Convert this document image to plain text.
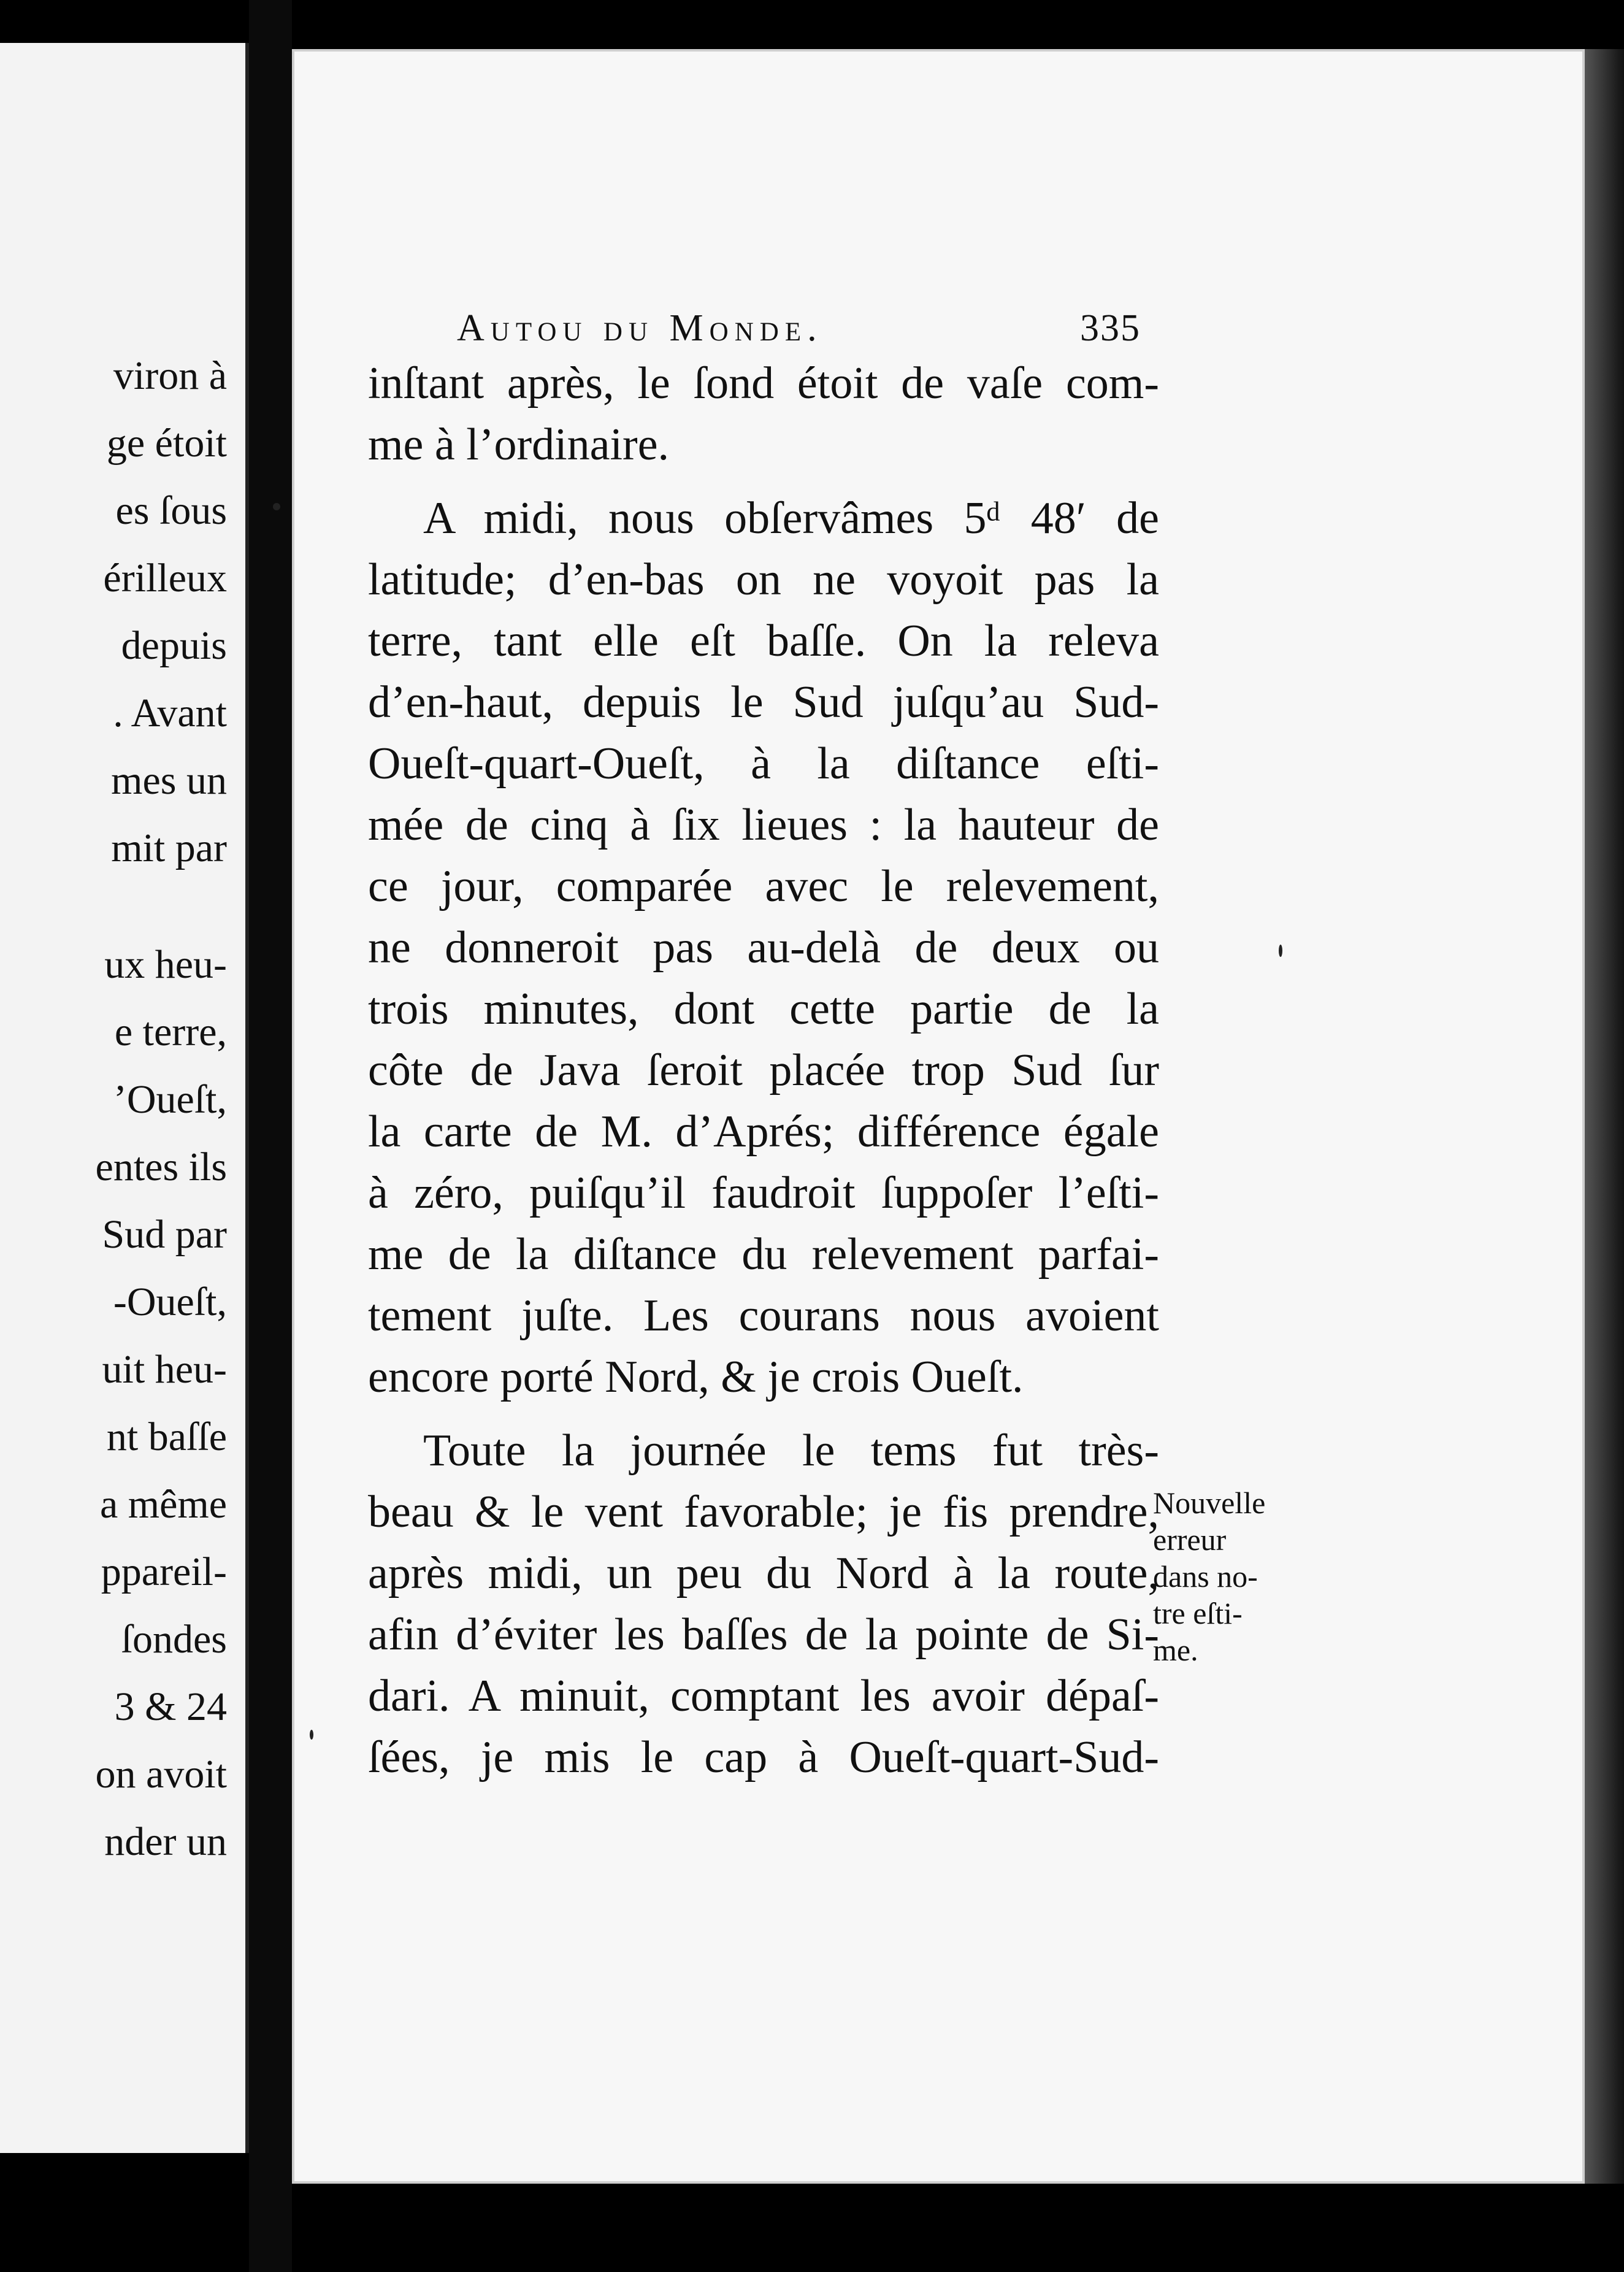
viron à
ge étoit
es ſous
érilleux
depuis
. Avant
mes un
mit par
ux heu-
e terre,
’Oueſt,
entes ils
Sud par
-Oueſt,
uit heu-
nt baſſe
a même
ppareil-
ſondes
3 & 24
on avoit
nder un
Autou du Monde.	335
inſtant après, le ſond étoit de vaſe com-
me à l’ordinaire.
A midi, nous obſervâmes 5ᵈ 48′ de
latitude; d’en-bas on ne voyoit pas la
terre, tant elle eſt baſſe. On la releva
d’en-haut, depuis le Sud juſqu’au Sud-
Oueſt-quart-Oueſt, à la diſtance eſti-
mée de cinq à ſix lieues : la hauteur de
ce jour, comparée avec le relevement,
ne donneroit pas au-delà de deux ou
trois minutes, dont cette partie de la
côte de Java ſeroit placée trop Sud ſur
la carte de M. d’Aprés; différence égale
à zéro, puiſqu’il faudroit ſuppoſer l’eſti-
me de la diſtance du relevement parfai-
tement juſte. Les courans nous avoient
encore porté Nord, & je crois Oueſt.
Toute la journée le tems fut très-
beau & le vent favorable; je fis prendre,
après midi, un peu du Nord à la route,
afin d’éviter les baſſes de la pointe de Si-
dari. A minuit, comptant les avoir dépaſ-
ſées, je mis le cap à Oueſt-quart-Sud-
Nouvelle
erreur
dans no-
tre eſti-
me.
